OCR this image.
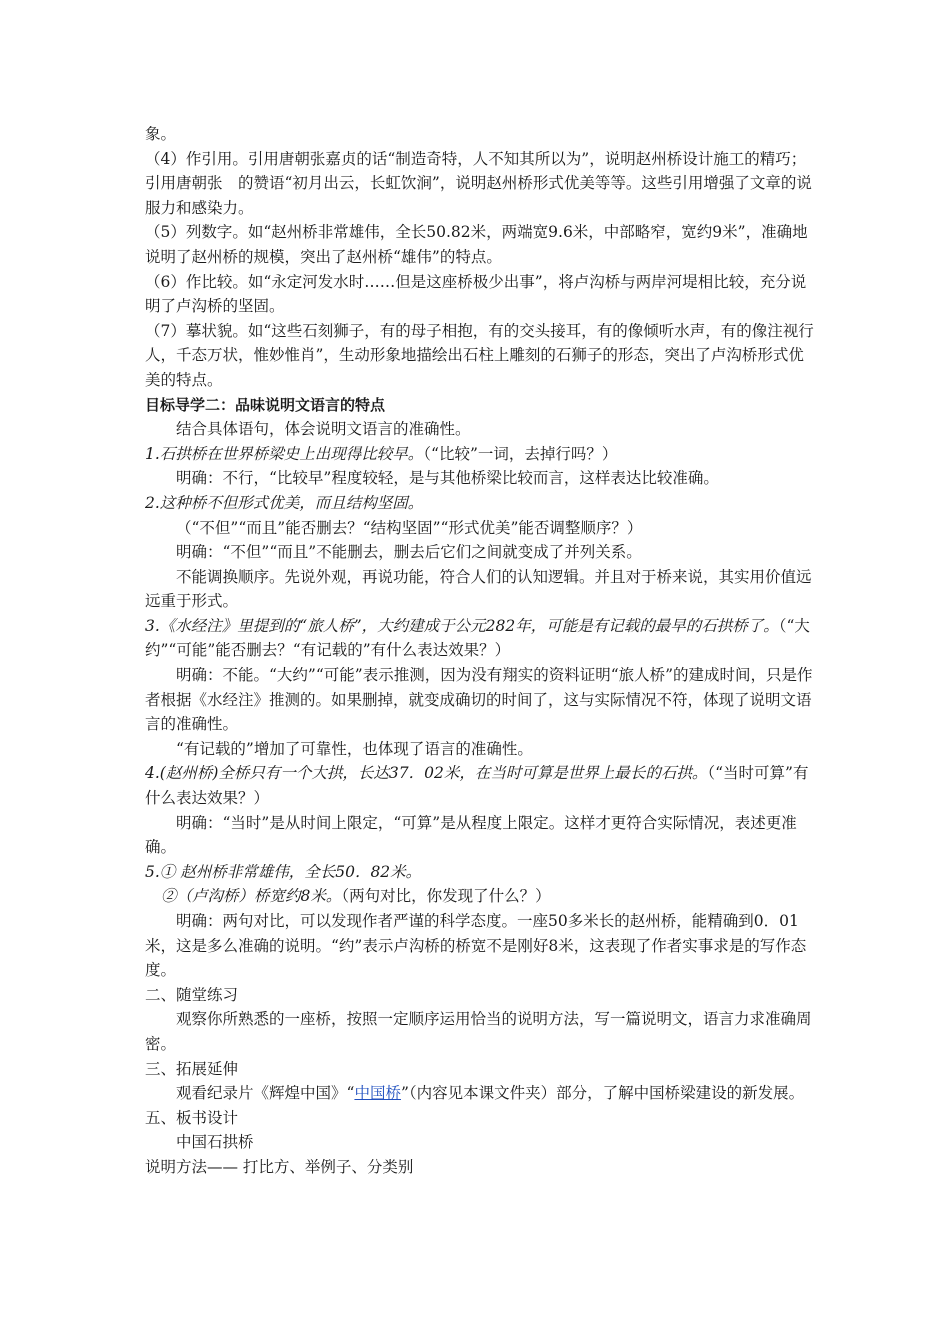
象。

（4）作引用。引用唐朝张嘉贞的话“制造奇特，人不知其所以为”，说明赵州桥设计施工的精巧；引用唐朝张　的赞语“初月出云，长虹饮涧”，说明赵州桥形式优美等等。这些引用增强了文章的说服力和感染力。

（5）列数字。如“赵州桥非常雄伟，全长50.82米，两端宽9.6米，中部略窄，宽约9米”，准确地说明了赵州桥的规模，突出了赵州桥“雄伟”的特点。

（6）作比较。如“永定河发水时……但是这座桥极少出事”，将卢沟桥与两岸河堤相比较，充分说明了卢沟桥的坚固。

（7）摹状貌。如“这些石刻狮子，有的母子相抱，有的交头接耳，有的像倾听水声，有的像注视行人，千态万状，惟妙惟肖”，生动形象地描绘出石柱上雕刻的石狮子的形态，突出了卢沟桥形式优美的特点。

目标导学二：品味说明文语言的特点

结合具体语句，体会说明文语言的准确性。

1.石拱桥在世界桥梁史上出现得比较早。（“比较”一词，去掉行吗？）

明确：不行，“比较早”程度较轻，是与其他桥梁比较而言，这样表达比较准确。

2.这种桥不但形式优美，而且结构坚固。

（“不但”“而且”能否删去？“结构坚固”“形式优美”能否调整顺序？）

明确：“不但”“而且”不能删去，删去后它们之间就变成了并列关系。

不能调换顺序。先说外观，再说功能，符合人们的认知逻辑。并且对于桥来说，其实用价值远远重于形式。

3.《水经注》里提到的“旅人桥”，大约建成于公元282年，可能是有记载的最早的石拱桥了。（“大约”“可能”能否删去？“有记载的”有什么表达效果？）

明确：不能。“大约”“可能”表示推测，因为没有翔实的资料证明“旅人桥”的建成时间，只是作者根据《水经注》推测的。如果删掉，就变成确切的时间了，这与实际情况不符，体现了说明文语言的准确性。

“有记载的”增加了可靠性，也体现了语言的准确性。

4.(赵州桥)全桥只有一个大拱，长达37．02米，在当时可算是世界上最长的石拱。（“当时可算”有什么表达效果？）

明确：“当时”是从时间上限定，“可算”是从程度上限定。这样才更符合实际情况，表述更准确。

5.① 赵州桥非常雄伟，全长50．82米。

②（卢沟桥）桥宽约8米。（两句对比，你发现了什么？）

明确：两句对比，可以发现作者严谨的科学态度。一座50多米长的赵州桥，能精确到0．01米，这是多么准确的说明。“约”表示卢沟桥的桥宽不是刚好8米，这表现了作者实事求是的写作态度。

二、随堂练习

观察你所熟悉的一座桥，按照一定顺序运用恰当的说明方法，写一篇说明文，语言力求准确周密。

三、拓展延伸

观看纪录片《辉煌中国》“中国桥”（内容见本课文件夹）部分，了解中国桥梁建设的新发展。

五、板书设计

中国石拱桥

说明方法—— 打比方、举例子、分类别
